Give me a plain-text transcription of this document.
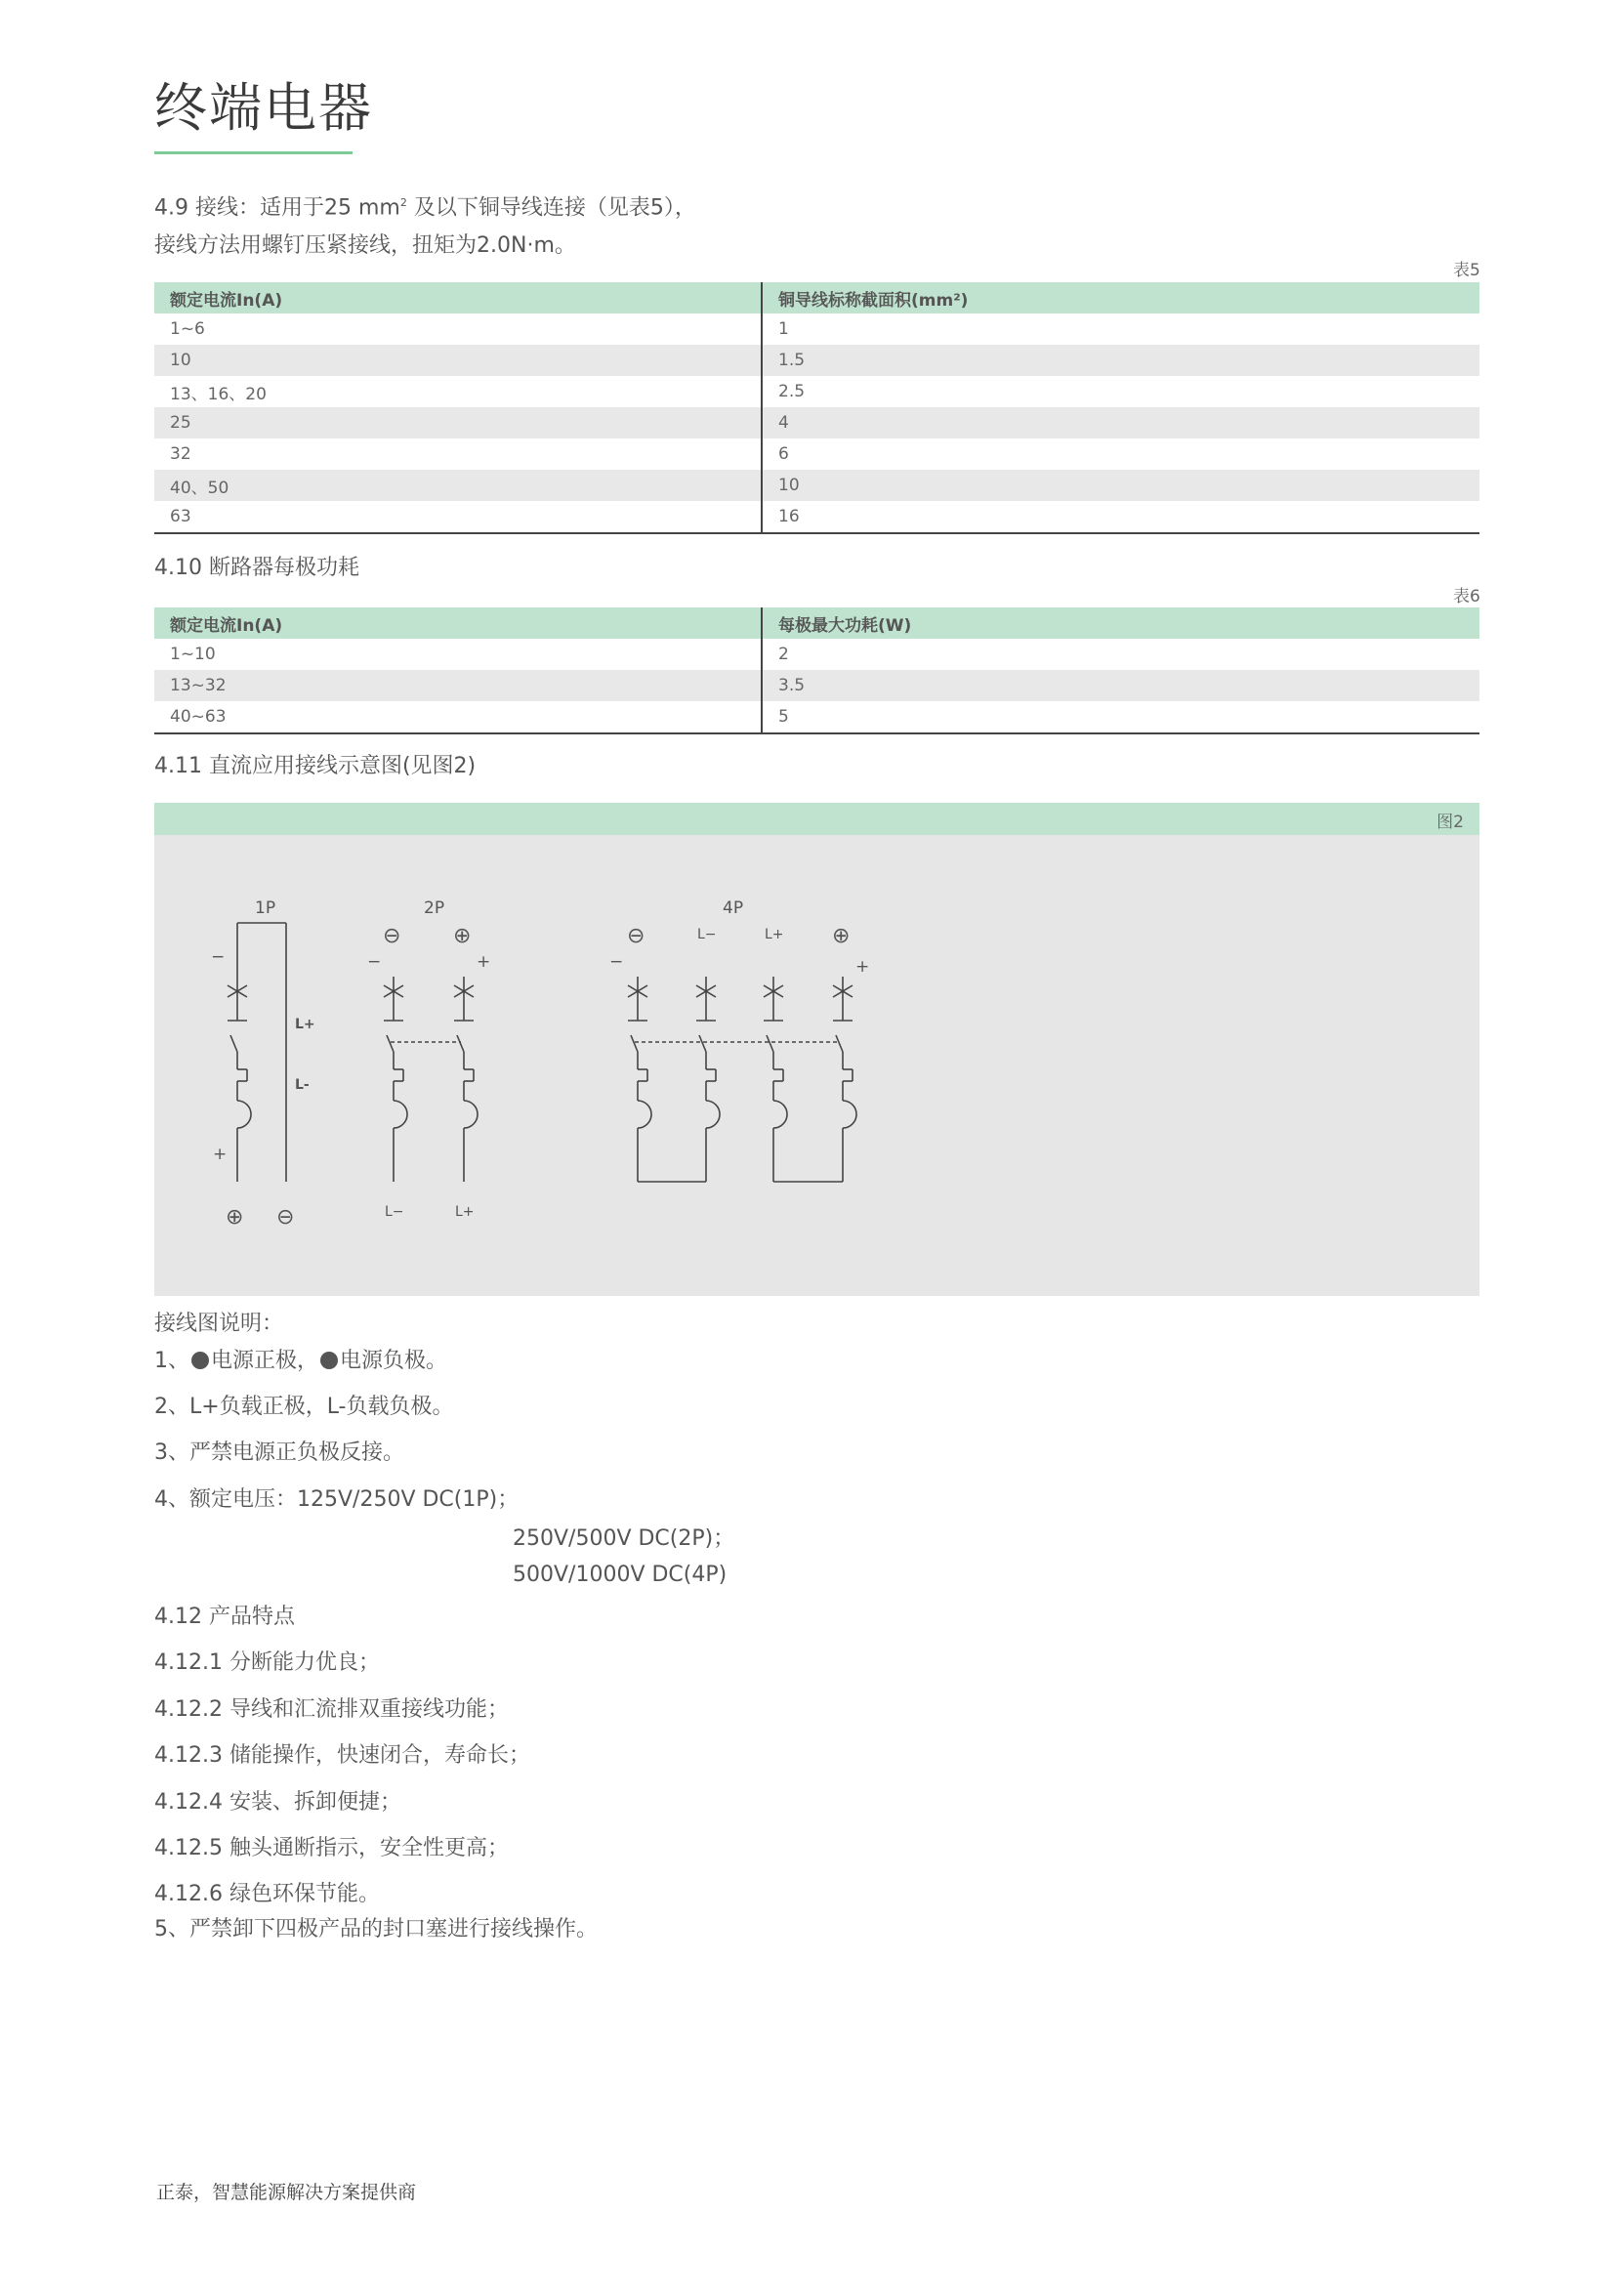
终端电器
4.9 接线：适用于25 $mm^2$ 及以下铜导线连接（见表5），
接线方法用螺钉压紧接线，扭矩为2.0N·m。
表5
额定电流In(A)	铜导线标称截面积(mm²)
1~6	1
10	1.5
13、16、20	2.5
25	4
32	6
40、50	10
63	16
4.10 断路器每极功耗
表6
额定电流In(A)	每极最大功耗(W)
1~10	2
13~32	3.5
40~63	5
4.11 直流应用接线示意图(见图2)
图2
1P
−
L+
L-
+
⊕ ⊖
2P
⊖ ⊕
−	+
L−	L+
4P
⊖	L−	L+ ⊕
−	+
接线图说明：
1、 电源正极， 电源负极。
2、L+负载正极，L-负载负极。
3、严禁电源正负极反接。
4、额定电压：125V/250V DC(1P)；
250V/500V DC(2P)；
500V/1000V DC(4P)
4.12 产品特点
4.12.1 分断能力优良；
4.12.2 导线和汇流排双重接线功能；
4.12.3 储能操作，快速闭合，寿命长；
4.12.4 安装、拆卸便捷；
4.12.5 触头通断指示，安全性更高；
4.12.6 绿色环保节能。
5、严禁卸下四极产品的封口塞进行接线操作。
正泰，智慧能源解决方案提供商
